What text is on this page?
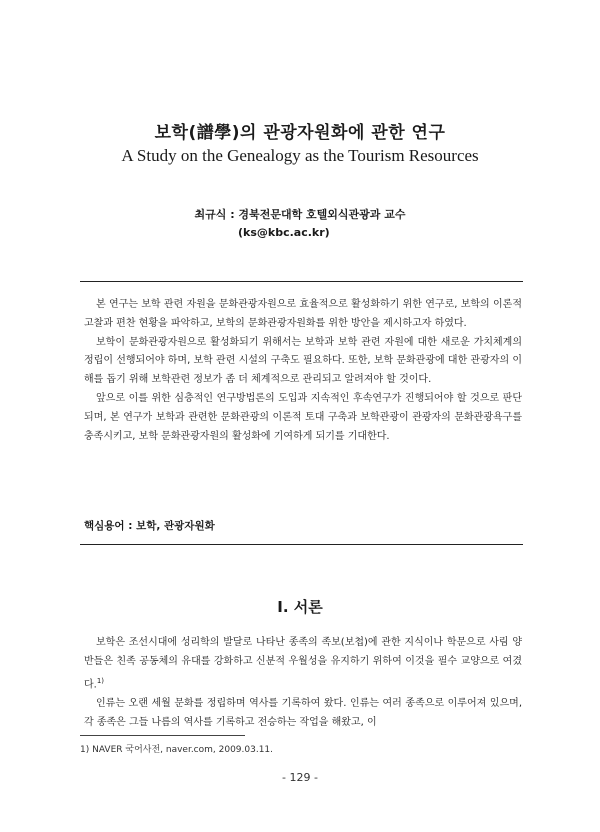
보학(譜學)의 관광자원화에 관한 연구
A Study on the Genealogy as the Tourism Resources
최규식 : 경북전문대학 호텔외식관광과 교수
(ks@kbc.ac.kr)

본 연구는 보학 관련 자원을 문화관광자원으로 효율적으로 활성화하기 위한 연구로, 보학의 이론적 고찰과 편찬 현황을 파악하고, 보학의 문화관광자원화를 위한 방안을 제시하고자 하였다.

보학이 문화관광자원으로 활성화되기 위해서는 보학과 보학 관련 자원에 대한 새로운 가치체계의 정립이 선행되어야 하며, 보학 관련 시설의 구축도 필요하다. 또한, 보학 문화관광에 대한 관광자의 이해를 돕기 위해 보학관련 정보가 좀 더 체계적으로 관리되고 알려져야 할 것이다.

앞으로 이를 위한 심층적인 연구방법론의 도입과 지속적인 후속연구가 진행되어야 할 것으로 판단되며, 본 연구가 보학과 관련한 문화관광의 이론적 토대 구축과 보학관광이 관광자의 문화관광욕구를 충족시키고, 보학 문화관광자원의 활성화에 기여하게 되기를 기대한다.

핵심용어 : 보학, 관광자원화
Ⅰ. 서론

보학은 조선시대에 성리학의 발달로 나타난 종족의 족보(보첩)에 관한 지식이나 학문으로 사림 양반들은 친족 공동체의 유대를 강화하고 신분적 우월성을 유지하기 위하여 이것을 필수 교양으로 여겼다.$^{1)}$

인류는 오랜 세월 문화를 정립하며 역사를 기록하여 왔다. 인류는 여러 종족으로 이루어져 있으며, 각 종족은 그들 나름의 역사를 기록하고 전승하는 작업을 해왔고, 이

1) NAVER 국어사전, naver.com, 2009.03.11.
- 129 -
